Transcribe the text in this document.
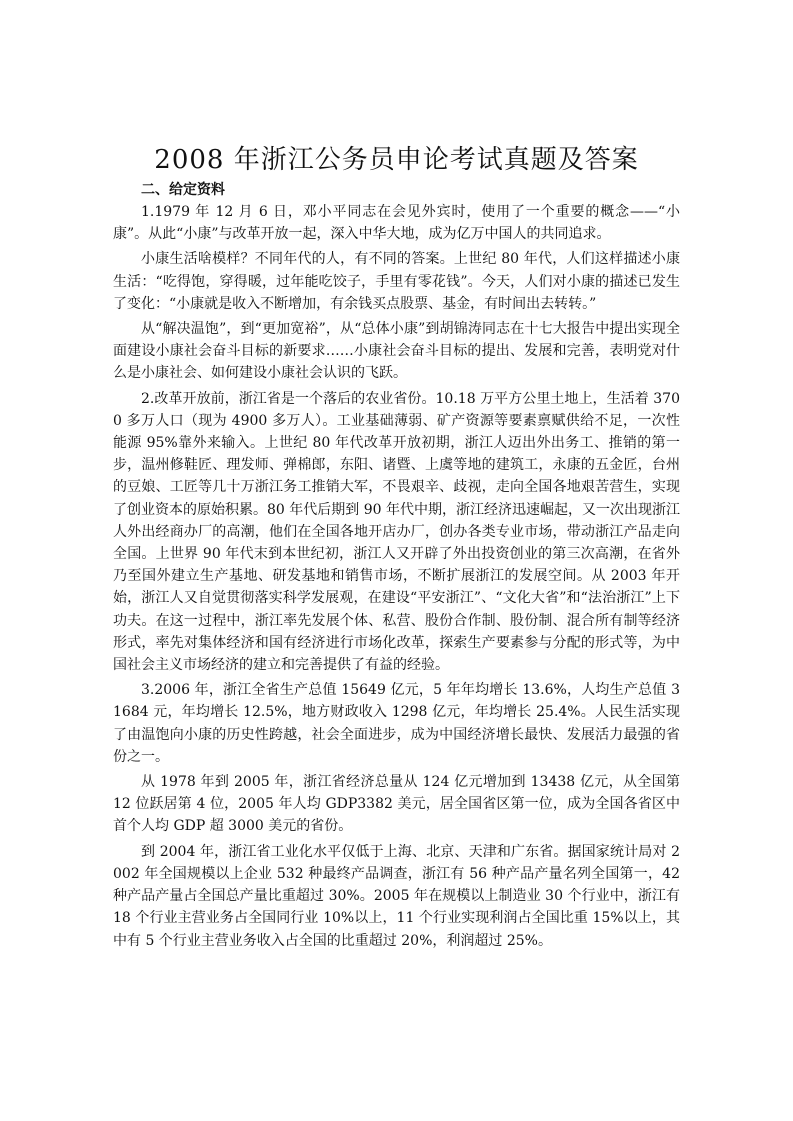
2008 年浙江公务员申论考试真题及答案
二、给定资料

1.1979 年 12 月 6 日，邓小平同志在会见外宾时，使用了一个重要的概念——“小康”。从此“小康”与改革开放一起，深入中华大地，成为亿万中国人的共同追求。

小康生活啥模样？不同年代的人，有不同的答案。上世纪 80 年代，人们这样描述小康生活：“吃得饱，穿得暖，过年能吃饺子，手里有零花钱”。今天，人们对小康的描述已发生了变化：“小康就是收入不断增加，有余钱买点股票、基金，有时间出去转转。”

从“解决温饱”，到“更加宽裕”，从“总体小康”到胡锦涛同志在十七大报告中提出实现全面建设小康社会奋斗目标的新要求……小康社会奋斗目标的提出、发展和完善，表明党对什么是小康社会、如何建设小康社会认识的飞跃。

2.改革开放前，浙江省是一个落后的农业省份。10.18 万平方公里土地上，生活着 3700 多万人口（现为 4900 多万人）。工业基础薄弱、矿产资源等要素禀赋供给不足，一次性能源 95%靠外来输入。上世纪 80 年代改革开放初期，浙江人迈出外出务工、推销的第一步，温州修鞋匠、理发师、弹棉郎，东阳、诸暨、上虞等地的建筑工，永康的五金匠，台州的豆娘、工匠等几十万浙江务工推销大军，不畏艰辛、歧视，走向全国各地艰苦营生，实现了创业资本的原始积累。80 年代后期到 90 年代中期，浙江经济迅速崛起，又一次出现浙江人外出经商办厂的高潮，他们在全国各地开店办厂，创办各类专业市场，带动浙江产品走向全国。上世界 90 年代末到本世纪初，浙江人又开辟了外出投资创业的第三次高潮，在省外乃至国外建立生产基地、研发基地和销售市场，不断扩展浙江的发展空间。从 2003 年开始，浙江人又自觉贯彻落实科学发展观，在建设“平安浙江”、“文化大省”和“法治浙江”上下功夫。在这一过程中，浙江率先发展个体、私营、股份合作制、股份制、混合所有制等经济形式，率先对集体经济和国有经济进行市场化改革，探索生产要素参与分配的形式等，为中国社会主义市场经济的建立和完善提供了有益的经验。

3.2006 年，浙江全省生产总值 15649 亿元，5 年年均增长 13.6%，人均生产总值 31684 元，年均增长 12.5%，地方财政收入 1298 亿元，年均增长 25.4%。人民生活实现了由温饱向小康的历史性跨越，社会全面进步，成为中国经济增长最快、发展活力最强的省份之一。

从 1978 年到 2005 年，浙江省经济总量从 124 亿元增加到 13438 亿元，从全国第 12 位跃居第 4 位，2005 年人均 GDP3382 美元，居全国省区第一位，成为全国各省区中首个人均 GDP 超 3000 美元的省份。

到 2004 年，浙江省工业化水平仅低于上海、北京、天津和广东省。据国家统计局对 2002 年全国规模以上企业 532 种最终产品调查，浙江有 56 种产品产量名列全国第一，42 种产品产量占全国总产量比重超过 30%。2005 年在规模以上制造业 30 个行业中，浙江有 18 个行业主营业务占全国同行业 10%以上，11 个行业实现利润占全国比重 15%以上，其中有 5 个行业主营业务收入占全国的比重超过 20%，利润超过 25%。
